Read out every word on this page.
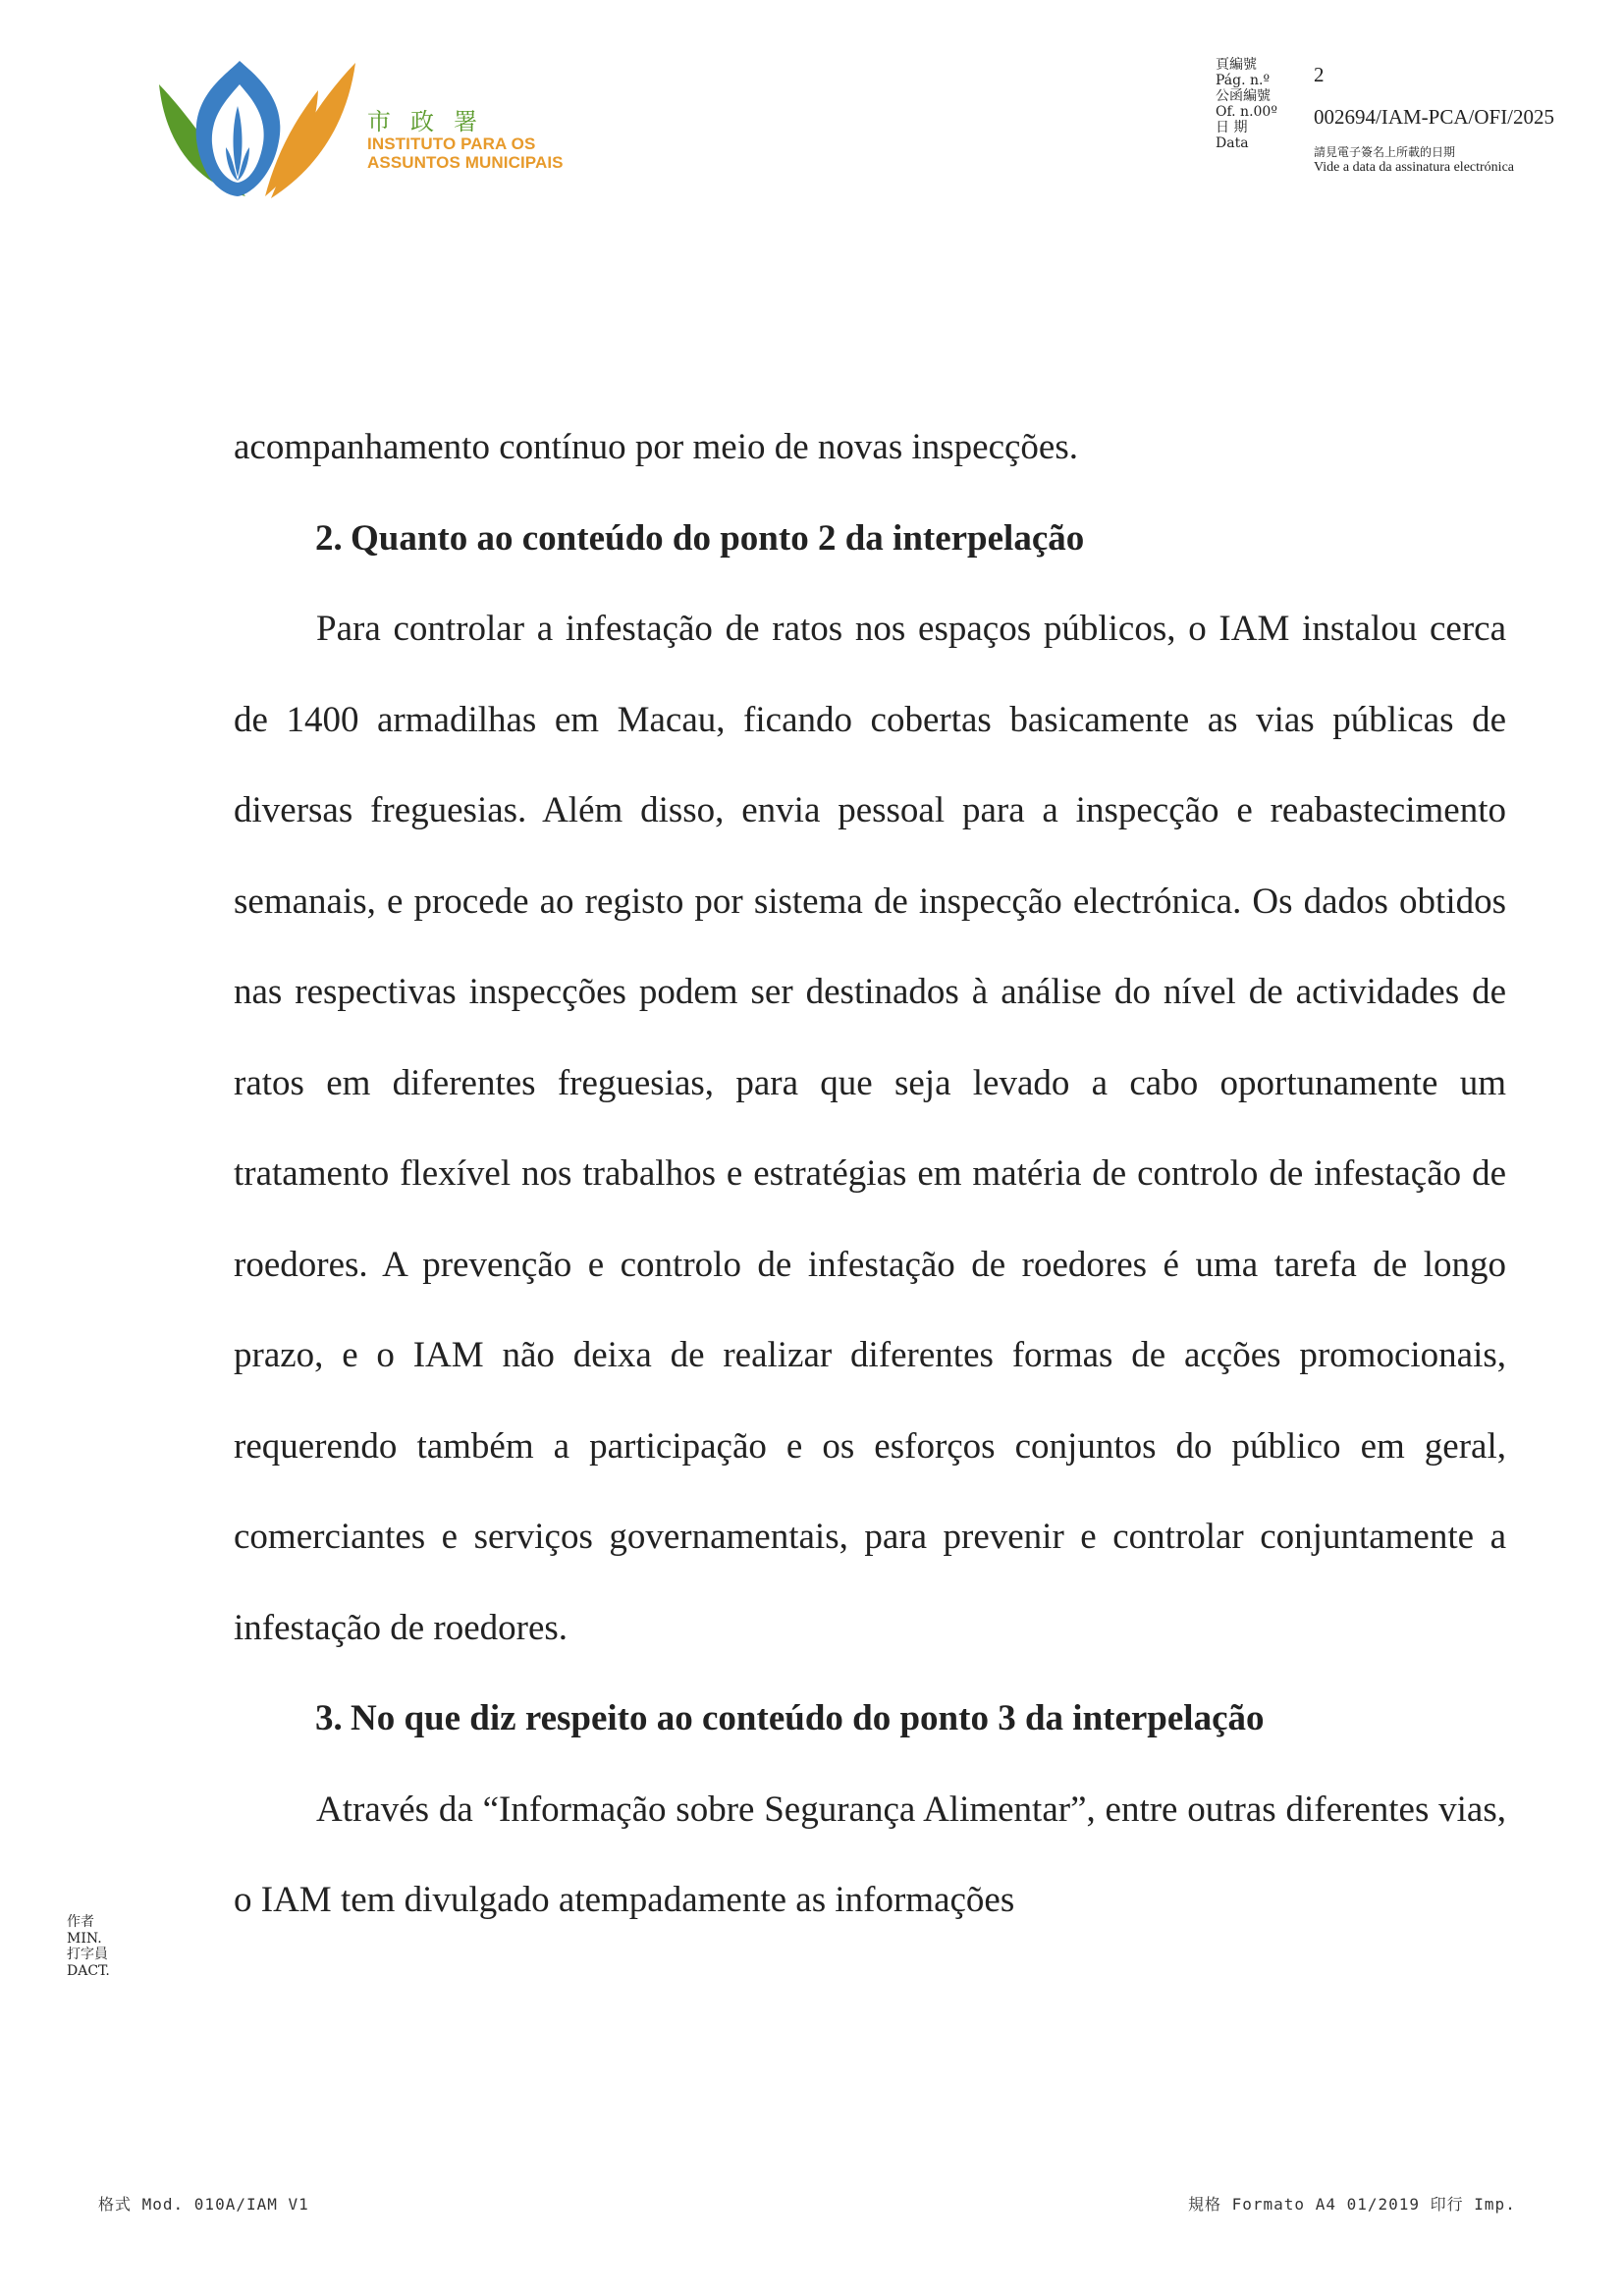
市政署
INSTITUTO PARA OS
ASSUNTOS MUNICIPAIS
頁編號
Pág. n.º
公函編號
Of. n.00º
日 期
Data
2
002694/IAM-PCA/OFI/2025
請見電子簽名上所載的日期
Vide a data da assinatura electrónica

acompanhamento contínuo por meio de novas inspecções.

2. Quanto ao conteúdo do ponto 2 da interpelação

Para controlar a infestação de ratos nos espaços públicos, o IAM instalou cerca de 1400 armadilhas em Macau, ficando cobertas basicamente as vias públicas de diversas freguesias. Além disso, envia pessoal para a inspecção e reabastecimento semanais, e procede ao registo por sistema de inspecção electrónica. Os dados obtidos nas respectivas inspecções podem ser destinados à análise do nível de actividades de ratos em diferentes freguesias, para que seja levado a cabo oportunamente um tratamento flexível nos trabalhos e estratégias em matéria de controlo de infestação de roedores. A prevenção e controlo de infestação de roedores é uma tarefa de longo prazo, e o IAM não deixa de realizar diferentes formas de acções promocionais, requerendo também a participação e os esforços conjuntos do público em geral, comerciantes e serviços governamentais, para prevenir e controlar conjuntamente a infestação de roedores.

3. No que diz respeito ao conteúdo do ponto 3 da interpelação

Através da “Informação sobre Segurança Alimentar”, entre outras diferentes vias, o IAM tem divulgado atempadamente as informações

作者
MIN.
打字員
DACT.
格式 Mod. 010A/IAM V1	規格 Formato A4 01/2019 印行 Imp.
